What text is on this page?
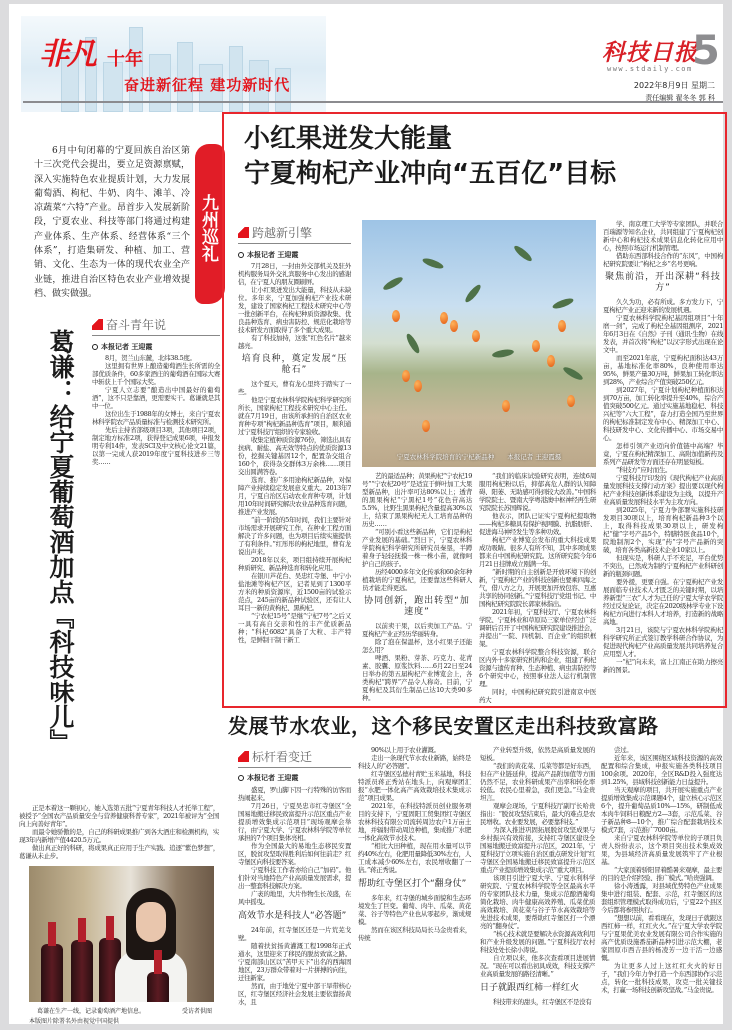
非凡 十年
奋进新征程 建功新时代
科技日报
5
www.stdaily.com
2022年8月9日 星期二
责任编辑 翟冬冬 郭 科
6月中旬闭幕的宁夏回族自治区第十三次党代会提出，要立足资源禀赋，深入实施特色农业提质计划，大力发展葡萄酒、枸杞、牛奶、肉牛、滩羊、冷凉蔬菜“六特”产业。昂首步入发展新阶段，宁夏农业、科技等部门将通过构建产业体系、生产体系、经营体系“三个体系”，打造集研发、种植、加工、营销、文化、生态为一体的现代农业全产业链，推进自治区特色农业产业增效提档、做实做强。
九州巡礼
葛谦：给宁夏葡萄酒加点『科技味儿』
奋斗青年说
本报记者 王迎霞

8月，贺兰山东麓，北纬38.5度。

这里拥有世界上酿造葡萄酒生长所需的全部优质条件，60多家酒庄的葡萄酒在国际大赛中斩获上千个国际大奖。

宁夏人立志要“酿造出中国最好的葡萄酒”，这不只是靠酒，更需要实干。葛谦就是其中一位。

这位出生于1988年的女博士，来自宁夏农林科学院农产品质量标准与检测技术研究所。

先后主持省部级项目3项，其他项目2项，制定地方标准2项，获得登记成果6项，申报发明专利14件，发表SCI及中文核心论文21篇，以第一完成人获2019年度宁夏科技进步三等奖……

正是本着这一颗初心，她入选第五批“宁夏青年科技人才托举工程”，被授予“全国农产品质量安全与营养健康科普专家”，2021年被评为“全国向上向善好青年”。

而最令她骄傲的是，自己的科研成果推广到各大酒庄和检测机构，实现3年内新增产值4420.5万元。

做出真正好的科研，将成果真正应用于生产实践。追逐“紫色梦想”，葛谦从未止步。

葛谦在生产一线，记录葡萄酒产地信息。	受访者供图
本版图片除署名外由视觉中国提供
小红果迸发大能量
宁夏枸杞产业冲向“五百亿”目标
跨越新引擎
本报记者 王迎霞

7月28日，一封由外交部机关及驻外机构服务局外交礼宾服务中心发出的感谢信，在宁夏人的朋友圈刷屏。

让小红果迸发出大能量，科技从未缺位。多年来，宁夏加强枸杞产业技术研发，建设了国家枸杞工程技术研究中心等一批创新平台，在枸杞种质资源收集、优良品种选育、病虫害防控、规范化栽培等技术研发方面取得了多个重大成果。

有了科技加持，这张“红色名片”越来越亮。

培育良种，奠定发展“压舱石”

这个夏天，曹有龙心里终于踏实了一些。

他是宁夏农林科学院枸杞科学研究所所长，国家枸杞工程技术研究中心主任。就在7月19日，由该所承担的自治区农业育种专项“枸杞新品种选育”项目，顺利通过宁夏科技厅组织的专家验收。

收集定植种质资源76份，筛选出具有抗病、耐盐、高无效等特点的优质资源13份，挖掘关键基因12个，配置杂交组合160个，获得杂交群体3万余株……项目交出圆满答卷。

选育、推广多用途枸杞新品种，对保障产业持续稳定发展意义重大。2013年7月，宁夏自治区启动农业育种专项，计划用10年时间研究解决农业品种选育问题，推进产业发展。

“前一阶段的5年时间，我们主要针对市场需求开展研究工作，在种业工程方面解决了许多问题，也为项目后续实施提供了有利条件。”红彤彤的枸杞地里，曹有龙说出声来。

2018年以来，项目组持续开展枸杞种质研究、新品种选育和转化应用。

在银川芦花台、吴忠红寺堡、中宁小盐池滩等枸杞产区，记者见到了1300平方米的种质资源库，近1500亩的试验示范点，245亩的新品种试验区，还有让人耳目一新的黄枸杞、黑枸杞。

“宁农杞15号”是继“宁杞7号”之后又一具有高自交亲和性的丰产优质新品种；“科杞6082”具备了大粒、丰产特性，是鲜制干制干新工

宁夏农林科学院培育的宁杞新品种　　本报记者 王迎霞摄

艺的最适品种；黄果枸杞“宁农杞19号”“宁农杞20号”是适宜于鲜叶加工大果型新品种，出汁率可达80%以上；透背的黑果枸杞“宁黑杞1号”花色苷高达5.5%，比野生黑果枸杞含量提高30%以上，结束了黑果枸杞无人工培育品种的历史……

“可别小看这些新品种，它们是枸杞产业发展的基础。”烈日下，宁夏农林科学院枸杞科学研究所研究员秦垦，半蹲着身子轻轻抚摸一株一株小苗，就像呵护自己的孩子。

历经4000多年文化传承和60余年种植栽培的宁夏枸杞，还要靠这些科研人员才能走得更远。

协同创新，跑出转型“加速度”

以前卖干果，以后卖加工产品。宁夏枸杞产业正经历华丽转身。

除了泡在保温杯，这小红果子还能怎么用？

啤酒、果粉、芽茶、巧克力、花青素、胶囊、原浆饮料……6月22日至24日举办的第五届枸杞产业博览会上，各类枸杞“跨界”产品令人称奇。目前，宁夏枸杞及其衍生制品已达10大类90多种。

“我们的临床试验研究表明，连续6周服用枸杞粉以后，抑郁高危人群的认知障碍、阳萎、无助感可得到较大改善。”中国科学院院士、暨南大学粤港澳中枢神经再生研究院院长苏国辉说。

他表示，团队已证实宁夏枸杞提取物——枸杞多糖具有保护视网膜、抗脂肪肝、促进海马神经发生等多种功效。

枸杞产业博览会发布的重大科技成果成功吸睛。很多人有所不知，其中多项成果都来自中国枸杞研究院。这所研究院今年6月21日挂牌成立刚满一年。

“新时期的自主创新是开放环境下的创新，宁夏枸杞产业的科技创新也要乘四海之气，借八方之力，开展更加开放包容、互惠共享的协同创新。”宁夏科技厅党组书记、中国枸杞研究院院长郭家林指出。

2021年初，宁夏科技厅、宁夏农林科学院、宁夏林业和草原局三家单位经过广泛调研后召开了中国枸杞研究院建设推进会，并提出“一院、四机制、百企业”的组织框架。

宁夏农林科学院整合科技资源，联合区内外十多家研究机构和企业，组建了枸杞资源与遗传育种、生态种植、病虫害防控等6个研究中心，按照事业法人运行机制管理。

同时，中国枸杞研究院引进南京中医药大

学、南京理工大学等专家团队，并联合百瑞源等知名企业，共同组建了宁夏枸杞创新中心和枸杞技术成果信息化转化应用中心，按照市场运行机制管理。

借助东西部科技合作的“东风”，中国枸杞研究院要让“枸杞之乡”名号更响。

聚焦前沿，开出深耕“科技方”

久久为功，必有所成。多方发力下，宁夏枸杞产业正迎来新的发展机遇。

宁夏农林科学院枸杞基因组项目“十年磨一剑”，完成了枸杞全基因组测序，2021年6月3日在《自然》子刊（通讯·生物）在线发表，并首次将“枸杞”以汉字形式出现在论文中。

而至2021年底，宁夏枸杞面积达43万亩，基地标准化率80%，良种使用率达95%，鲜果产量30万吨，鲜果加工转化率达到28%，产业综合产值突破250亿元。

到2027年，宁夏计划枸杞种植面积达到70万亩，加工转化率提升至40%，综合产值突破500亿元。通过实施基地稳杞、科技兴杞等“六大工程”，奋力打造全国乃至世界的枸杞标准制定发布中心、精深加工中心、科技研发中心、文化传播中心、市场交易中心。

怎样引领产业迈向价值链中高端？毕竟，宁夏在枸杞精深加工、高附加值新药及系列产品研发等方面还存在明显短板。

“科技方”应时而生。

宁夏科技厅印发的《现代枸杞产业高质量发展科技支撑行动方案》提出要以现代枸杞产业科技创新体系建设为主线，以提升产业高质量发展科技水平为主攻方向。

到2025年，宁夏力争部署实施科技研发项目30项以上，培育枸杞新品种3个以上，取得科技成果30项以上，研发枸杞“健”字号产品5个，特膳特医食品10个，院地制剂2个，实现“药”字号产品新的突破，培育各类高新技术企业10家以上。

但现实是，科研人手不充足，平台优势不突出，已然成为制约宁夏枸杞产业科研创新的瓶颈问题。

要外援，更要自强。在宁夏枸杞产业发展面临专业技术人才匮乏的关键时期，以培养新型“三农”人才为己任的宁夏大学农学院经过反复论证，决定在2020级林学专业下设枸杞方向进行本科人才培养，打造新的战略高地。

3月21日，该院与宁夏农林科学院枸杞科学研究所正式签订教学科研合作协议，为促进现代枸杞产业高质量发展共同培养复合应用型人才。

一“杞”向未来，富上江南正在助力擦亮新的图景。

发展节水农业，这个移民安置区走出科技致富路
标杆看变迁
本报记者 王迎霞

盛夏，罗山脚下因一行特殊的访客而热闹起来。

7月26日，宁夏吴忠市红寺堡区“全国易地搬迁移民致富提升示范区重点产业提质增效集成示范项目”现场观摩会举行，由宁夏大学、宁夏农林科学院等单位承担的7个项目集体亮相。

作为全国最大的易地生态移民安置区，脱贫攻坚取得胜利后如何往前走？红寺堡区向科技要答案。

宁夏科技工作者亦给自己“加码”。他们针对当地特色产业高质量发展需求，提出一整套科技解决方案。

广袤的地里，大片作物生长茂盛，在风中摇曳。

高效节水是科技人“必答题”

24年前，红寺堡区还是一片荒芜戈壁。

随着扶贫扬黄灌溉工程1998年正式通水，这里迎来了移民的脱贫致富之路。宁夏南部山区以“苦甲天下”出名的西海固地区，23万群众带着对一片拼搏的向往，迁往新家。

然而，由于地处宁夏中部干旱带核心区，红寺堡区经济社会发展主要依靠扬黄水，且

90%以上用于农业灌溉。

走出一条现代节水农业新路，始终是科技人的“必答题”。

红寺堡区弘德村青贮玉米基地，科技特派员蒋正秀站在地头上，向观摩团汇报“水肥一体化高产高效栽培技术集成示范”项目成果。

2021年，在科技特派员创业服务项目的支持下，宁夏固阳工贸集团红寺堡区农林科技有限公司流转周边农户1万亩土地，并辐射带动周边种植，集成推广水肥一体化高效节水技术。

“相比大田种植，现在用水量可以节约40%左右，化肥用量降低30%左右，人工成本减少60%左右，农民增收翻了一倍。”蒋正秀说。

帮助红寺堡区打个“翻身仗”

多年来，红寺堡的城乡面貌和生态环境发生了巨变。葡萄、肉牛、瓜菜、黄花菜、谷子等特色产业也从零起步，渐成规模。

然而在该区科技局局长马金贵看来，传统

产业转型升级，依然是高质量发展的短板。

“我们的黄花菜、瓜菜等都是好东西，但在产业链延伸，提高产品附加值等方面仍然不足，农业科研成果产出率和转化率较低。农民心里着急，我们更急。”马金贵坦言。

观摩会现场，宁夏科技厅副厅长哈贵指出：“脱贫攻坚结束后，最大的难点是农民增收。农业要发展，必要靠科技。”

为深入推进巩固拓展脱贫攻坚成果与乡村振兴有效衔接，支持红寺堡区建设全国易地搬迁致富提升示范区，2021年，宁夏科技厅立项实施自治区重点研发计划“红寺堡区全国易地搬迁移民致富提升示范区重点产业提质增效集成示范”重大项目。

该项目引进宁夏大学、宁夏水利科学研究院、宁夏农林科学院等全区最高水平的专家团队技术力量，集成示范酿酒葡萄简化栽培、肉牛健康高效养殖、瓜菜优质高效栽培、黄花菜与谷子节水高效栽培等先进技术成果，要帮助红寺堡区打一个漂亮的“翻身仗”。

“核心技术就是要解决水资源高效利用和产业升级发展的问题。”宁夏科技厅农村科技处处长徐小涛说。

自立项以来，他多次查看项目进展情况。“现在可以看出初具成效，科技支撑产业高质量发展的路径清晰。”

日子就跟西红柿一样红火

科技带来的甜头，红寺堡区不是没有

尝过。

近年来，该区围绕区域科技资源的高效配置和综合集成，申报实施各类科技项目100余项。2020年，全区R&D投入强度达到1.25%，县域科技创新能力日益提升。

当天观摩的项目，共开展实施重点产业提质增效集成示范课题4个，建立核心示范区6个，提升葡萄品质10%—15%，研制低成本肉牛饲料日粮配方2—3套，示范瓜菜、谷子新品种8—10个，推广综合配套栽培技术模式7套，示范推广7000亩。

来自宁夏农林科学院等单位的子项目负责人纷纷表示，这个项目突出技术集成效果，为县域经济高质量发展筑牢了产业根基。

“大家顶着骄阳冒着酷暑来观摩，最主要的目的是介绍经验、推广模式。”哈贵强调。

徐小涛透露，对县域优势特色产业成果集中进行组装、配套、示范，红寺堡区的这套组织管理模式取得成功后，宁夏22个县区今后都将参照执行。

“想想以前，看看现在，发现日子就跟这西红柿一样，红红火火。”在宁夏大学农学院与宁夏果优美农业发展有限公司合作实施的高产优质设施番茄新品种引进示范大棚，老家固原市西吉县的杨凌芳一边干活一边感慨。

为让更多人过上这红红火火的好日子，“我们今年力争打造一个东西部协作示范点，转化一批科技成果，攻克一批关键技术，打赢一场科技创新攻坚战。”马金贵说。
